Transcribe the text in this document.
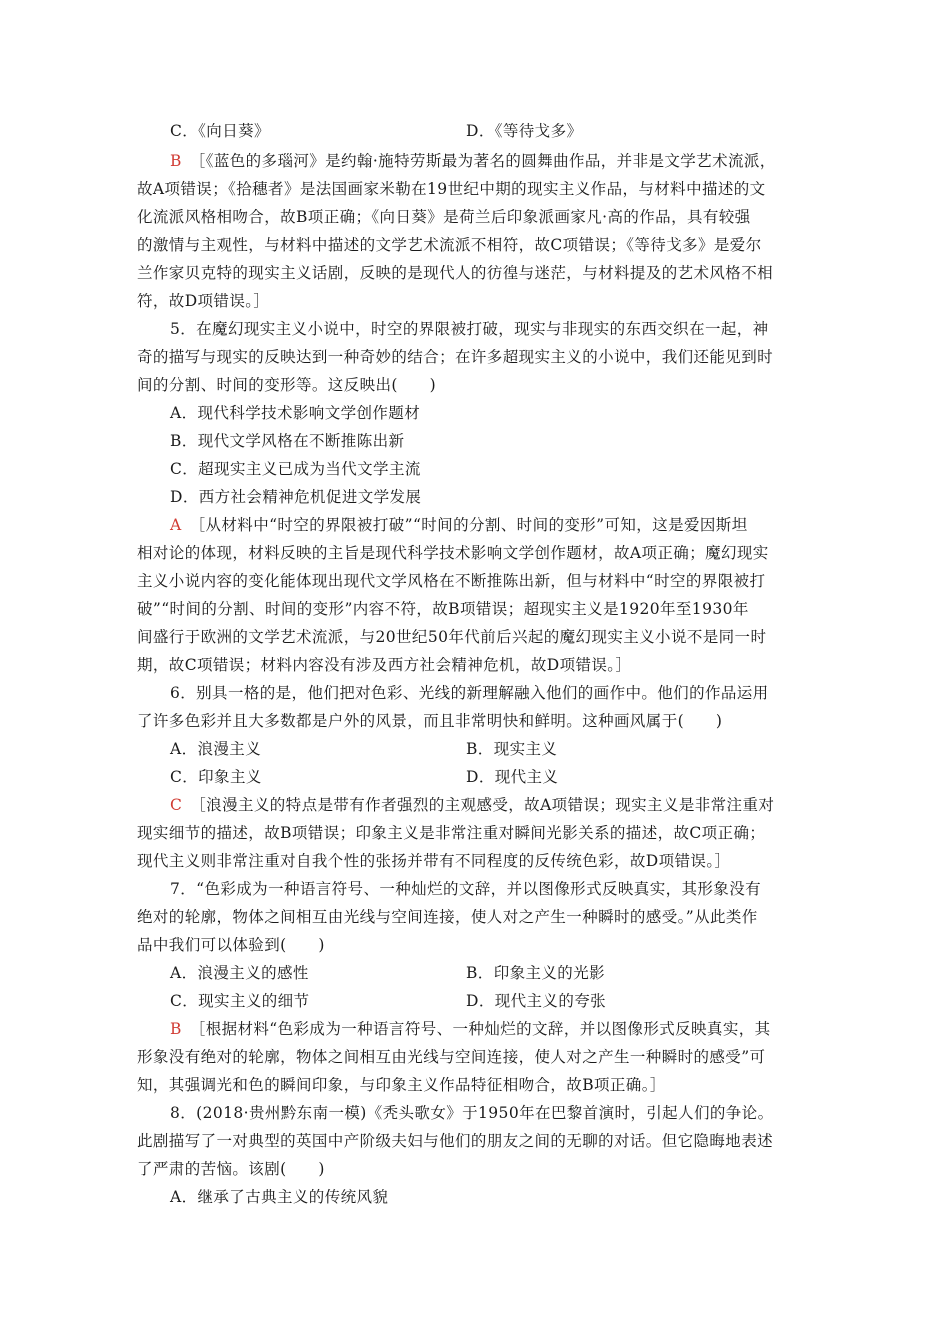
C．《向日葵》	D．《等待戈多》
B ［《蓝色的多瑙河》是约翰·施特劳斯最为著名的圆舞曲作品，并非是文学艺术流派，
故A项错误；《拾穗者》是法国画家米勒在19世纪中期的现实主义作品，与材料中描述的文
化流派风格相吻合，故B项正确；《向日葵》是荷兰后印象派画家凡·高的作品，具有较强
的激情与主观性，与材料中描述的文学艺术流派不相符，故C项错误；《等待戈多》是爱尔
兰作家贝克特的现实主义话剧，反映的是现代人的彷徨与迷茫，与材料提及的艺术风格不相
符，故D项错误。］
5．在魔幻现实主义小说中，时空的界限被打破，现实与非现实的东西交织在一起，神
奇的描写与现实的反映达到一种奇妙的结合；在许多超现实主义的小说中，我们还能见到时
间的分割、时间的变形等。这反映出(　　)
A．现代科学技术影响文学创作题材
B．现代文学风格在不断推陈出新
C．超现实主义已成为当代文学主流
D．西方社会精神危机促进文学发展
A ［从材料中“时空的界限被打破”“时间的分割、时间的变形”可知，这是爱因斯坦
相对论的体现，材料反映的主旨是现代科学技术影响文学创作题材，故A项正确；魔幻现实
主义小说内容的变化能体现出现代文学风格在不断推陈出新，但与材料中“时空的界限被打
破”“时间的分割、时间的变形”内容不符，故B项错误；超现实主义是1920年至1930年
间盛行于欧洲的文学艺术流派，与20世纪50年代前后兴起的魔幻现实主义小说不是同一时
期，故C项错误；材料内容没有涉及西方社会精神危机，故D项错误。］
6．别具一格的是，他们把对色彩、光线的新理解融入他们的画作中。他们的作品运用
了许多色彩并且大多数都是户外的风景，而且非常明快和鲜明。这种画风属于(　　)
A．浪漫主义	B．现实主义
C．印象主义	D．现代主义
C ［浪漫主义的特点是带有作者强烈的主观感受，故A项错误；现实主义是非常注重对
现实细节的描述，故B项错误；印象主义是非常注重对瞬间光影关系的描述，故C项正确；
现代主义则非常注重对自我个性的张扬并带有不同程度的反传统色彩，故D项错误。］
7．“色彩成为一种语言符号、一种灿烂的文辞，并以图像形式反映真实，其形象没有
绝对的轮廓，物体之间相互由光线与空间连接，使人对之产生一种瞬时的感受。”从此类作
品中我们可以体验到(　　)
A．浪漫主义的感性	B．印象主义的光影
C．现实主义的细节	D．现代主义的夸张
B ［根据材料“色彩成为一种语言符号、一种灿烂的文辞，并以图像形式反映真实，其
形象没有绝对的轮廓，物体之间相互由光线与空间连接，使人对之产生一种瞬时的感受”可
知，其强调光和色的瞬间印象，与印象主义作品特征相吻合，故B项正确。］
8．(2018·贵州黔东南一模)《秃头歌女》于1950年在巴黎首演时，引起人们的争论。
此剧描写了一对典型的英国中产阶级夫妇与他们的朋友之间的无聊的对话。但它隐晦地表述
了严肃的苦恼。该剧(　　)
A．继承了古典主义的传统风貌
